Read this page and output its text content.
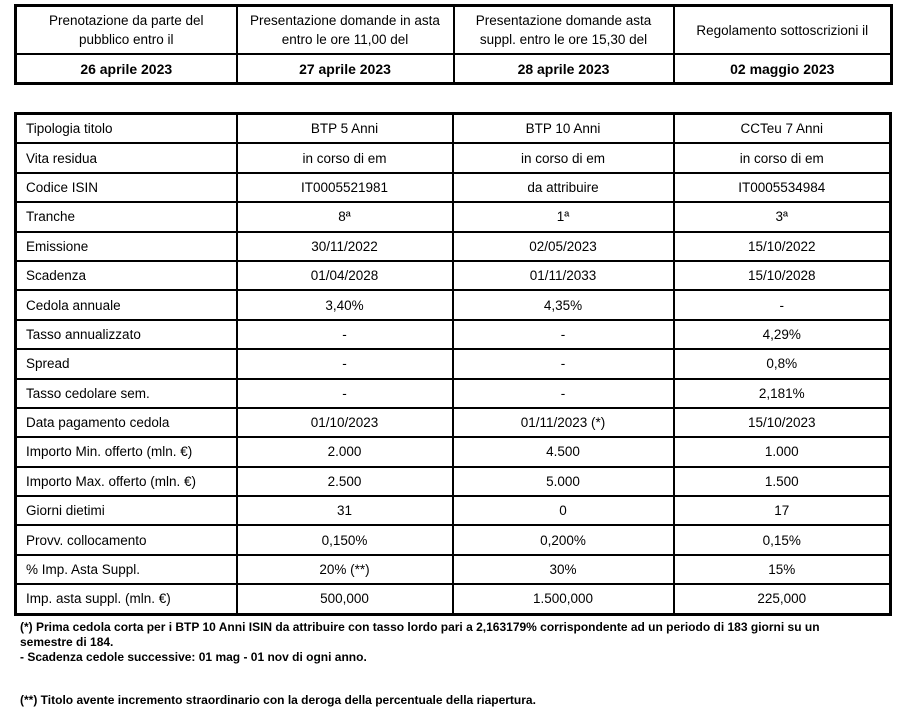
Prenotazione da parte del pubblico entro il	Presentazione domande in asta entro le ore 11,00 del	Presentazione domande asta suppl. entro le ore 15,30 del	Regolamento sottoscrizioni il
26 aprile 2023	27 aprile 2023	28 aprile 2023	02 maggio 2023
Tipologia titolo	BTP 5 Anni	BTP 10 Anni	CCTeu 7 Anni
Vita residua	in corso di em	in corso di em	in corso di em
Codice ISIN	IT0005521981	da attribuire	IT0005534984
Tranche	8ª	1ª	3ª
Emissione	30/11/2022	02/05/2023	15/10/2022
Scadenza	01/04/2028	01/11/2033	15/10/2028
Cedola annuale	3,40%	4,35%	-
Tasso annualizzato	-	-	4,29%
Spread	-	-	0,8%
Tasso cedolare sem.	-	-	2,181%
Data pagamento cedola	01/10/2023	01/11/2023 (*)	15/10/2023
Importo Min. offerto (mln. €)	2.000	4.500	1.000
Importo Max. offerto (mln. €)	2.500	5.000	1.500
Giorni dietimi	31	0	17
Provv. collocamento	0,150%	0,200%	0,15%
% Imp. Asta Suppl.	20% (**)	30%	15%
Imp. asta suppl. (mln. €)	500,000	1.500,000	225,000

(*) Prima cedola corta per i BTP 10 Anni ISIN da attribuire con tasso lordo pari a 2,163179% corrispondente ad un periodo di 183 giorni su un

semestre di 184.

- Scadenza cedole successive: 01 mag - 01 nov di ogni anno.

(**) Titolo avente incremento straordinario con la deroga della percentuale della riapertura.
